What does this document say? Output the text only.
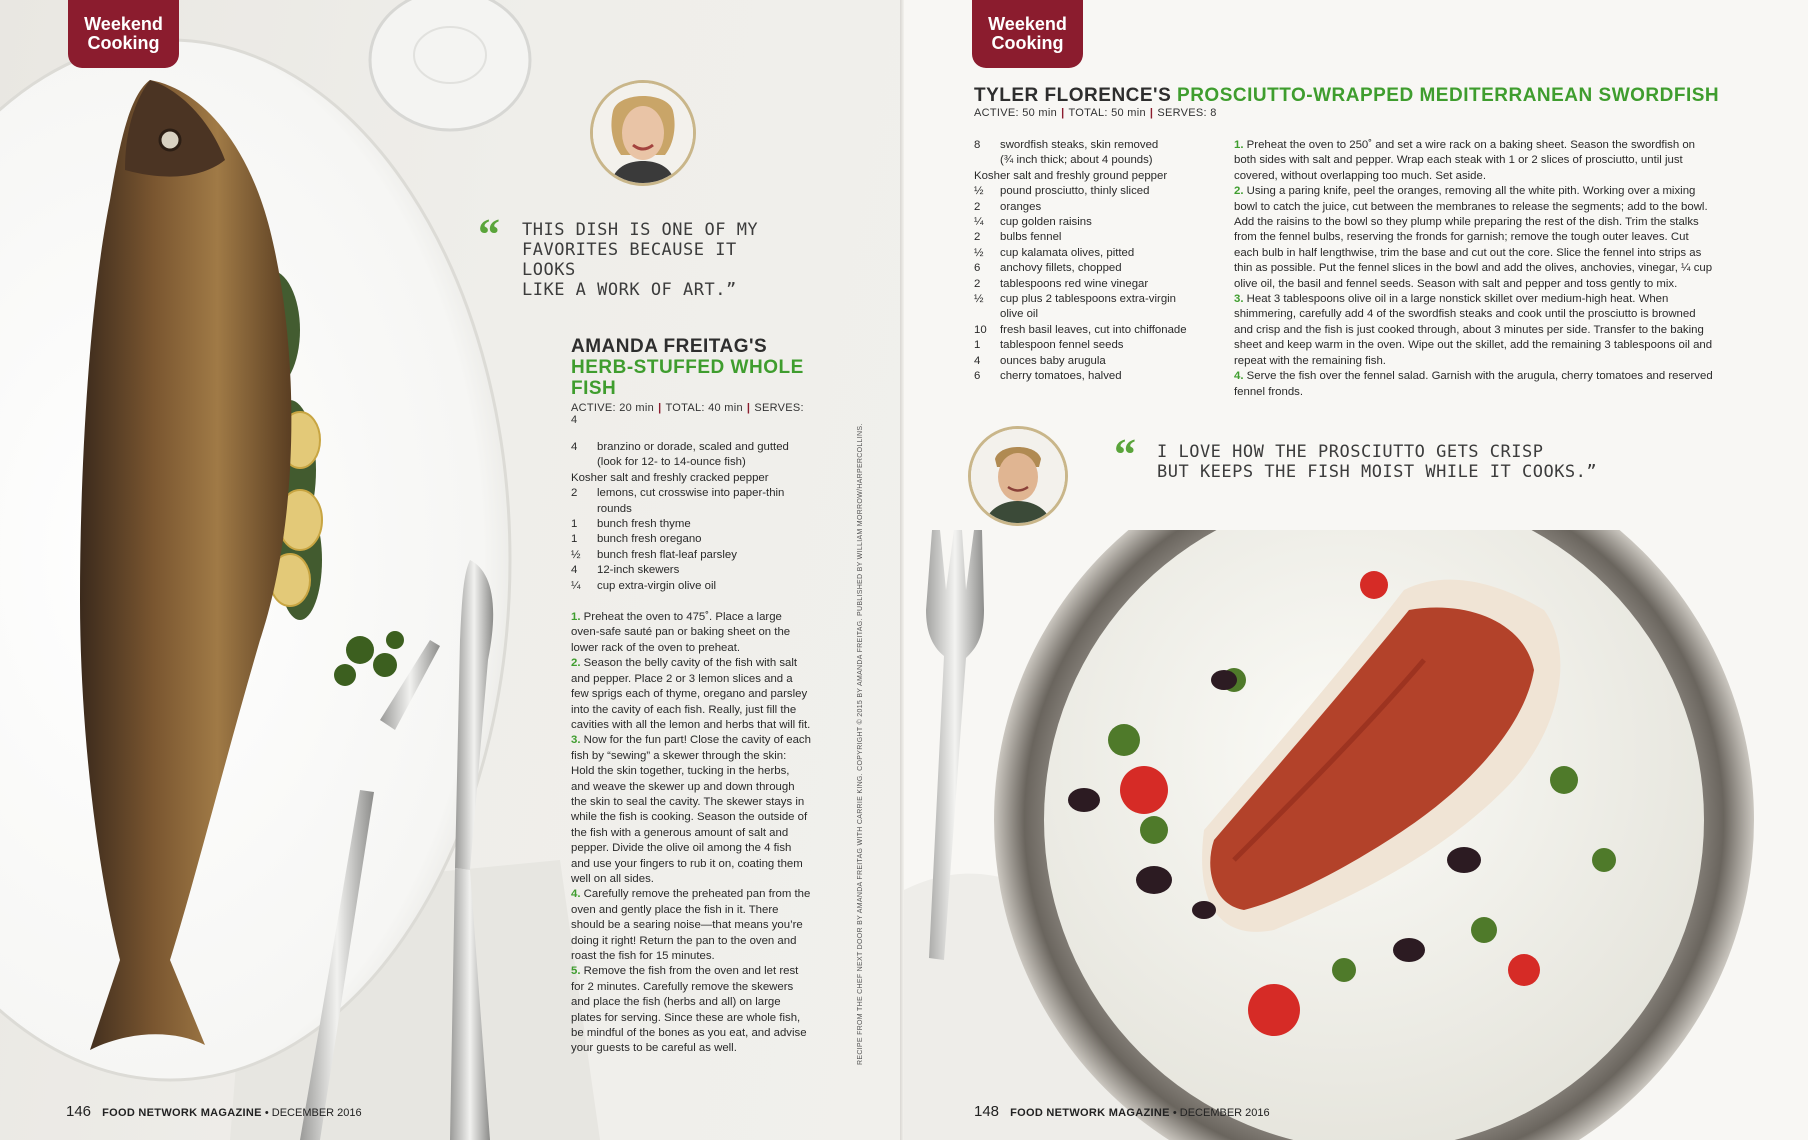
Weekend
Cooking
“ THIS DISH IS ONE OF MY
FAVORITES BECAUSE IT LOOKS
LIKE A WORK OF ART.”
AMANDA FREITAG'S
HERB-STUFFED WHOLE FISH
ACTIVE: 20 min | TOTAL: 40 min | SERVES: 4
4	branzino or dorade, scaled and gutted
(look for 12- to 14-ounce fish)
Kosher salt and freshly cracked pepper
2	lemons, cut crosswise into paper-thin
rounds
1	bunch fresh thyme
1	bunch fresh oregano
½	bunch fresh flat-leaf parsley
4	12-inch skewers
¼	cup extra-virgin olive oil
1. Preheat the oven to 475˚. Place a large oven-safe sauté pan or baking sheet on the lower rack of the oven to preheat.
2. Season the belly cavity of the fish with salt and pepper. Place 2 or 3 lemon slices and a few sprigs each of thyme, oregano and parsley into the cavity of each fish. Really, just fill the cavities with all the lemon and herbs that will fit.
3. Now for the fun part! Close the cavity of each fish by “sewing” a skewer through the skin: Hold the skin together, tucking in the herbs, and weave the skewer up and down through the skin to seal the cavity. The skewer stays in while the fish is cooking. Season the outside of the fish with a generous amount of salt and pepper. Divide the olive oil among the 4 fish and use your fingers to rub it on, coating them well on all sides.
4. Carefully remove the preheated pan from the oven and gently place the fish in it. There should be a searing noise—that means you’re doing it right! Return the pan to the oven and roast the fish for 15 minutes.
5. Remove the fish from the oven and let rest for 2 minutes. Carefully remove the skewers and place the fish (herbs and all) on large plates for serving. Since these are whole fish, be mindful of the bones as you eat, and advise your guests to be careful as well.	RECIPE FROM THE CHEF NEXT DOOR BY AMANDA FREITAG WITH CARRIE KING. COPYRIGHT © 2015 BY AMANDA FREITAG. PUBLISHED BY WILLIAM MORROW/HARPERCOLLINS.
146 FOOD NETWORK MAGAZINE • DECEMBER 2016
Weekend
Cooking
TYLER FLORENCE'S PROSCIUTTO-WRAPPED MEDITERRANEAN SWORDFISH
ACTIVE: 50 min | TOTAL: 50 min | SERVES: 8
8	swordfish steaks, skin removed
(¾ inch thick; about 4 pounds)
Kosher salt and freshly ground pepper
½	pound prosciutto, thinly sliced
2	oranges
¼	cup golden raisins
2	bulbs fennel
½	cup kalamata olives, pitted
6	anchovy fillets, chopped
2	tablespoons red wine vinegar
½	cup plus 2 tablespoons extra-virgin
olive oil
10	fresh basil leaves, cut into chiffonade
1	tablespoon fennel seeds
4	ounces baby arugula
6	cherry tomatoes, halved
1. Preheat the oven to 250˚ and set a wire rack on a baking sheet. Season the swordfish on both sides with salt and pepper. Wrap each steak with 1 or 2 slices of prosciutto, until just covered, without overlapping too much. Set aside.
2. Using a paring knife, peel the oranges, removing all the white pith. Working over a mixing bowl to catch the juice, cut between the membranes to release the segments; add to the bowl. Add the raisins to the bowl so they plump while preparing the rest of the dish. Trim the stalks from the fennel bulbs, reserving the fronds for garnish; remove the tough outer leaves. Cut each bulb in half lengthwise, trim the base and cut out the core. Slice the fennel into strips as thin as possible. Put the fennel slices in the bowl and add the olives, anchovies, vinegar, ¼ cup olive oil, the basil and fennel seeds. Season with salt and pepper and toss gently to mix.
3. Heat 3 tablespoons olive oil in a large nonstick skillet over medium-high heat. When shimmering, carefully add 4 of the swordfish steaks and cook until the prosciutto is browned and crisp and the fish is just cooked through, about 3 minutes per side. Transfer to the baking sheet and keep warm in the oven. Wipe out the skillet, add the remaining 3 tablespoons oil and repeat with the remaining fish.
4. Serve the fish over the fennel salad. Garnish with the arugula, cherry tomatoes and reserved fennel fronds.
“ I LOVE HOW THE PROSCIUTTO GETS CRISP
BUT KEEPS THE FISH MOIST WHILE IT COOKS.”
148 FOOD NETWORK MAGAZINE • DECEMBER 2016
